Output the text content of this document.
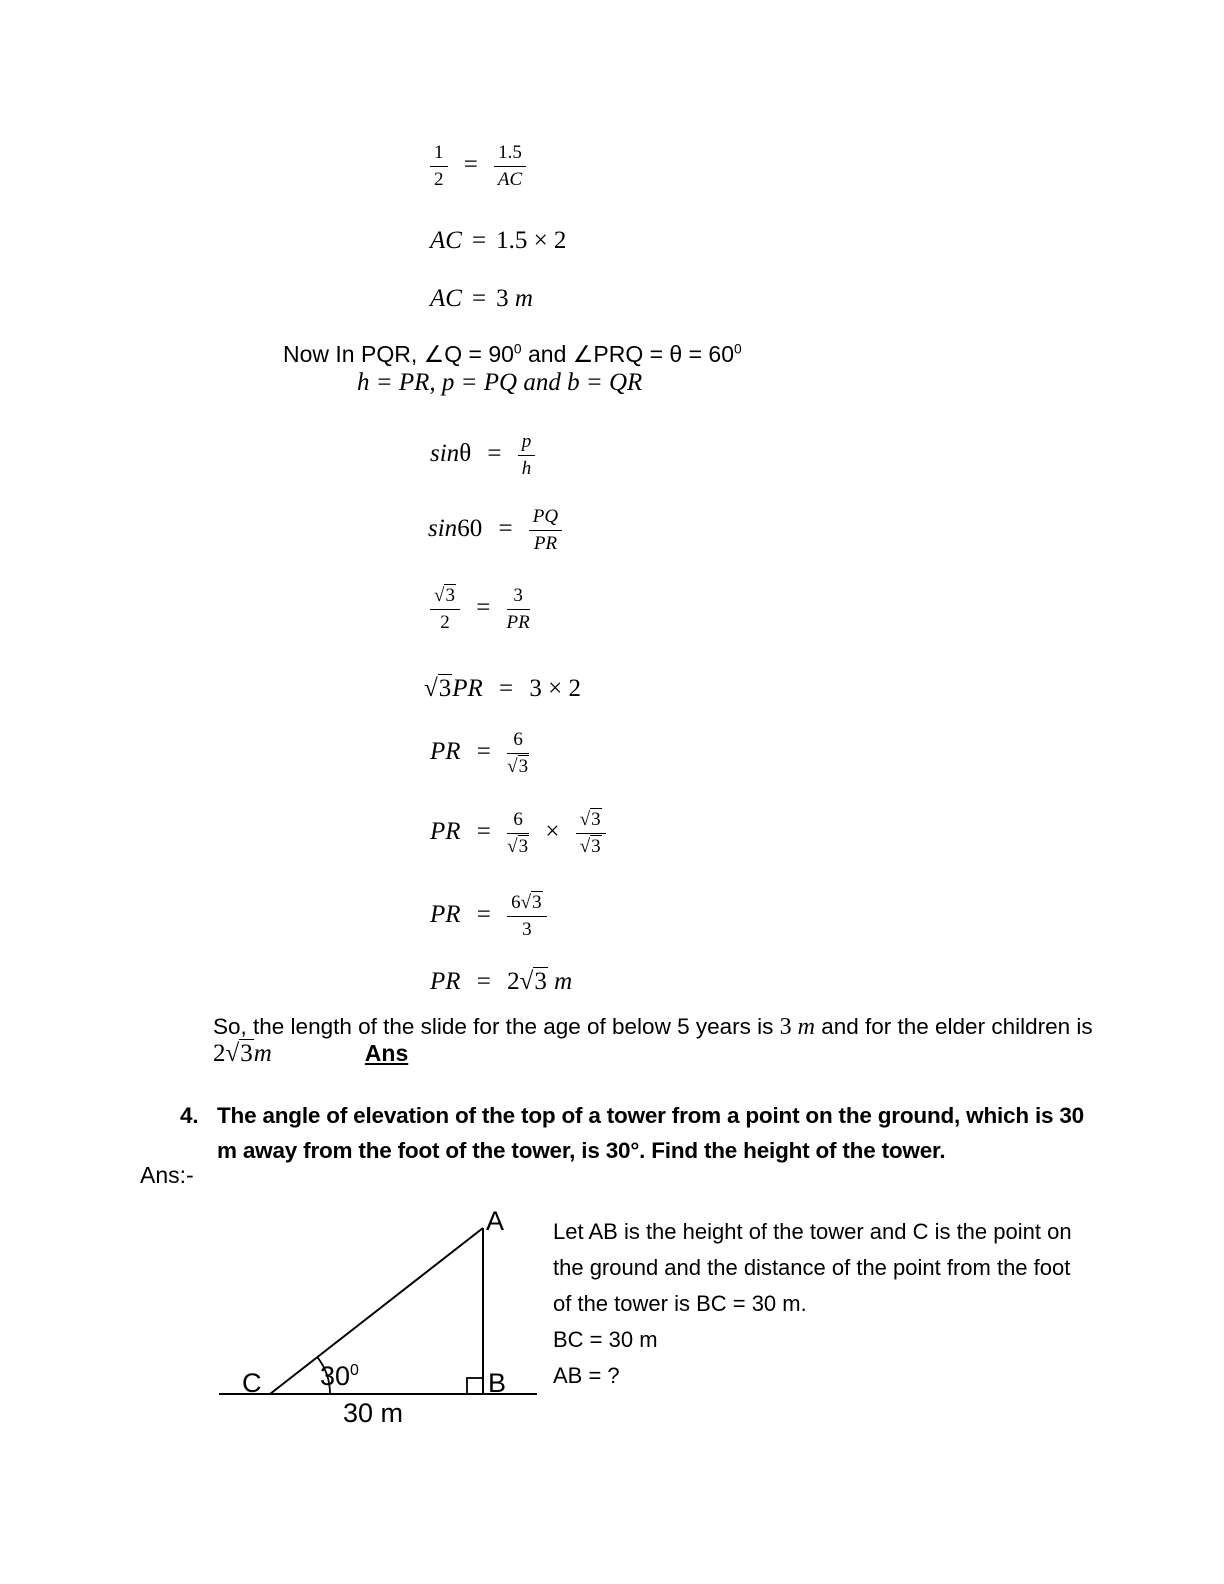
$\frac{1}{2} = \frac{1.5}{AC}$
AC = 1.5 × 2
AC = 3 m
Now In PQR, ∠Q = $90^0$ and ∠PRQ = $\theta = 60^0$
h = PR, p = PQ and b = QR
$\sin\theta = \frac{p}{h}$
$\sin 60 = \frac{PQ}{PR}$
$\frac{√3}{2} = \frac{3}{PR}$
√3PR = 3 × 2
PR = $\frac{6}{√3}$
PR = $\frac{6}{√3} \times \frac{√3}{√3}$
PR = $\frac{6√3}{3}$
PR = 2√3 m
So, the length of the slide for the age of below 5 years is 3 m and for the elder children is
2√3m	Ans
4. The angle of elevation of the top of a tower from a point on the ground, which is 30
m away from the foot of the tower, is 30°. Find the height of the tower.
Ans:-
A
B
C $30^0$
30 m
Let AB is the height of the tower and C is the point on
the ground and the distance of the point from the foot
of the tower is BC = 30 m.
BC = 30 m
AB = ?
